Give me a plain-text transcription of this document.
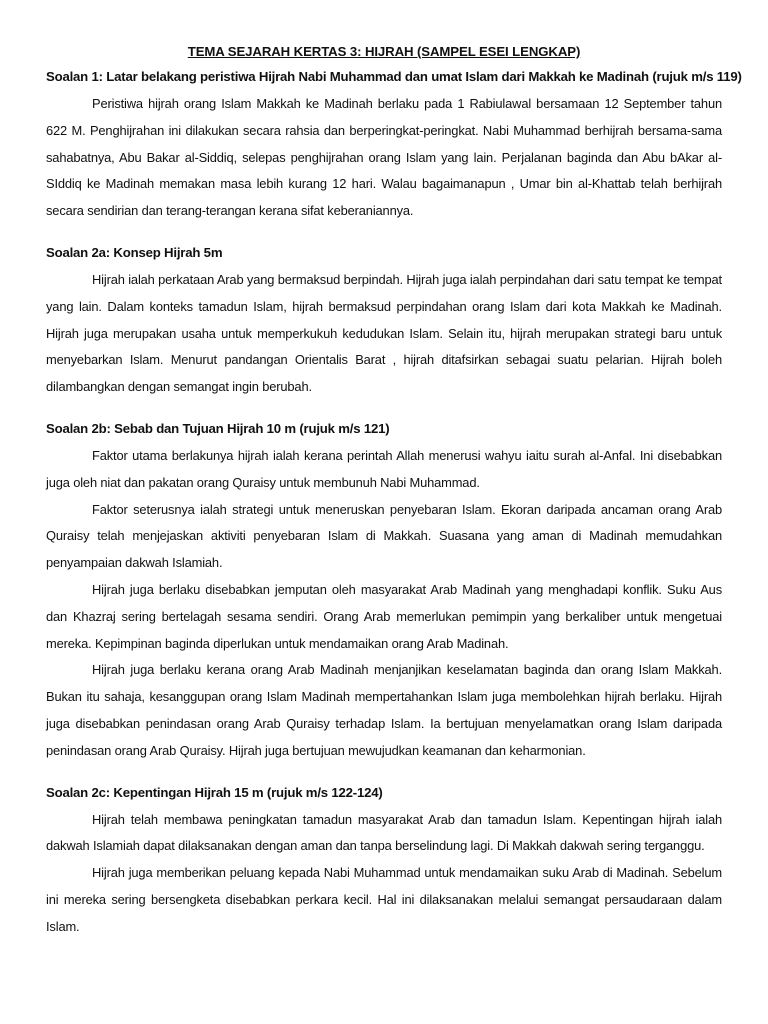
TEMA SEJARAH KERTAS 3: HIJRAH (SAMPEL ESEI LENGKAP)
Soalan 1: Latar belakang peristiwa Hijrah Nabi Muhammad dan umat Islam dari Makkah ke Madinah (rujuk m/s 119)

Peristiwa hijrah orang Islam Makkah ke Madinah berlaku pada 1 Rabiulawal bersamaan 12 September tahun 622 M. Penghijrahan ini dilakukan secara rahsia dan berperingkat-peringkat. Nabi Muhammad berhijrah bersama-sama sahabatnya, Abu Bakar al-Siddiq, selepas penghijrahan orang Islam yang lain. Perjalanan baginda dan Abu bAkar al-SIddiq ke Madinah memakan masa lebih kurang 12 hari. Walau bagaimanapun , Umar bin al-Khattab telah berhijrah secara sendirian dan terang-terangan kerana sifat keberaniannya.

Soalan 2a: Konsep Hijrah 5m

Hijrah ialah perkataan Arab yang bermaksud berpindah. Hijrah juga ialah perpindahan dari satu tempat ke tempat yang lain. Dalam konteks tamadun Islam, hijrah bermaksud perpindahan orang Islam dari kota Makkah ke Madinah. Hijrah juga merupakan usaha untuk memperkukuh kedudukan Islam. Selain itu, hijrah merupakan strategi baru untuk menyebarkan Islam. Menurut pandangan Orientalis Barat , hijrah ditafsirkan sebagai suatu pelarian. Hijrah boleh dilambangkan dengan semangat ingin berubah.

Soalan 2b: Sebab dan Tujuan Hijrah 10 m (rujuk m/s 121)

Faktor utama berlakunya hijrah ialah kerana perintah Allah menerusi wahyu iaitu surah al-Anfal. Ini disebabkan juga oleh niat dan pakatan orang Quraisy untuk membunuh Nabi Muhammad.

Faktor seterusnya ialah strategi untuk meneruskan penyebaran Islam. Ekoran daripada ancaman orang Arab Quraisy telah menjejaskan aktiviti penyebaran Islam di Makkah. Suasana yang aman di Madinah memudahkan penyampaian dakwah Islamiah.

Hijrah juga berlaku disebabkan jemputan oleh masyarakat Arab Madinah yang menghadapi konflik. Suku Aus dan Khazraj sering bertelagah sesama sendiri. Orang Arab memerlukan pemimpin yang berkaliber untuk mengetuai mereka. Kepimpinan baginda diperlukan untuk mendamaikan orang Arab Madinah.

Hijrah juga berlaku kerana orang Arab Madinah menjanjikan keselamatan baginda dan orang Islam Makkah. Bukan itu sahaja, kesanggupan orang Islam Madinah mempertahankan Islam juga membolehkan hijrah berlaku. Hijrah juga disebabkan penindasan orang Arab Quraisy terhadap Islam. Ia bertujuan menyelamatkan orang Islam daripada penindasan orang Arab Quraisy. Hijrah juga bertujuan mewujudkan keamanan dan keharmonian.

Soalan 2c: Kepentingan Hijrah 15 m (rujuk m/s 122-124)

Hijrah telah membawa peningkatan tamadun masyarakat Arab dan tamadun Islam. Kepentingan hijrah ialah dakwah Islamiah dapat dilaksanakan dengan aman dan tanpa berselindung lagi. Di Makkah dakwah sering terganggu.

Hijrah juga memberikan peluang kepada Nabi Muhammad untuk mendamaikan suku Arab di Madinah. Sebelum ini mereka sering bersengketa disebabkan perkara kecil. Hal ini dilaksanakan melalui semangat persaudaraan dalam Islam.
